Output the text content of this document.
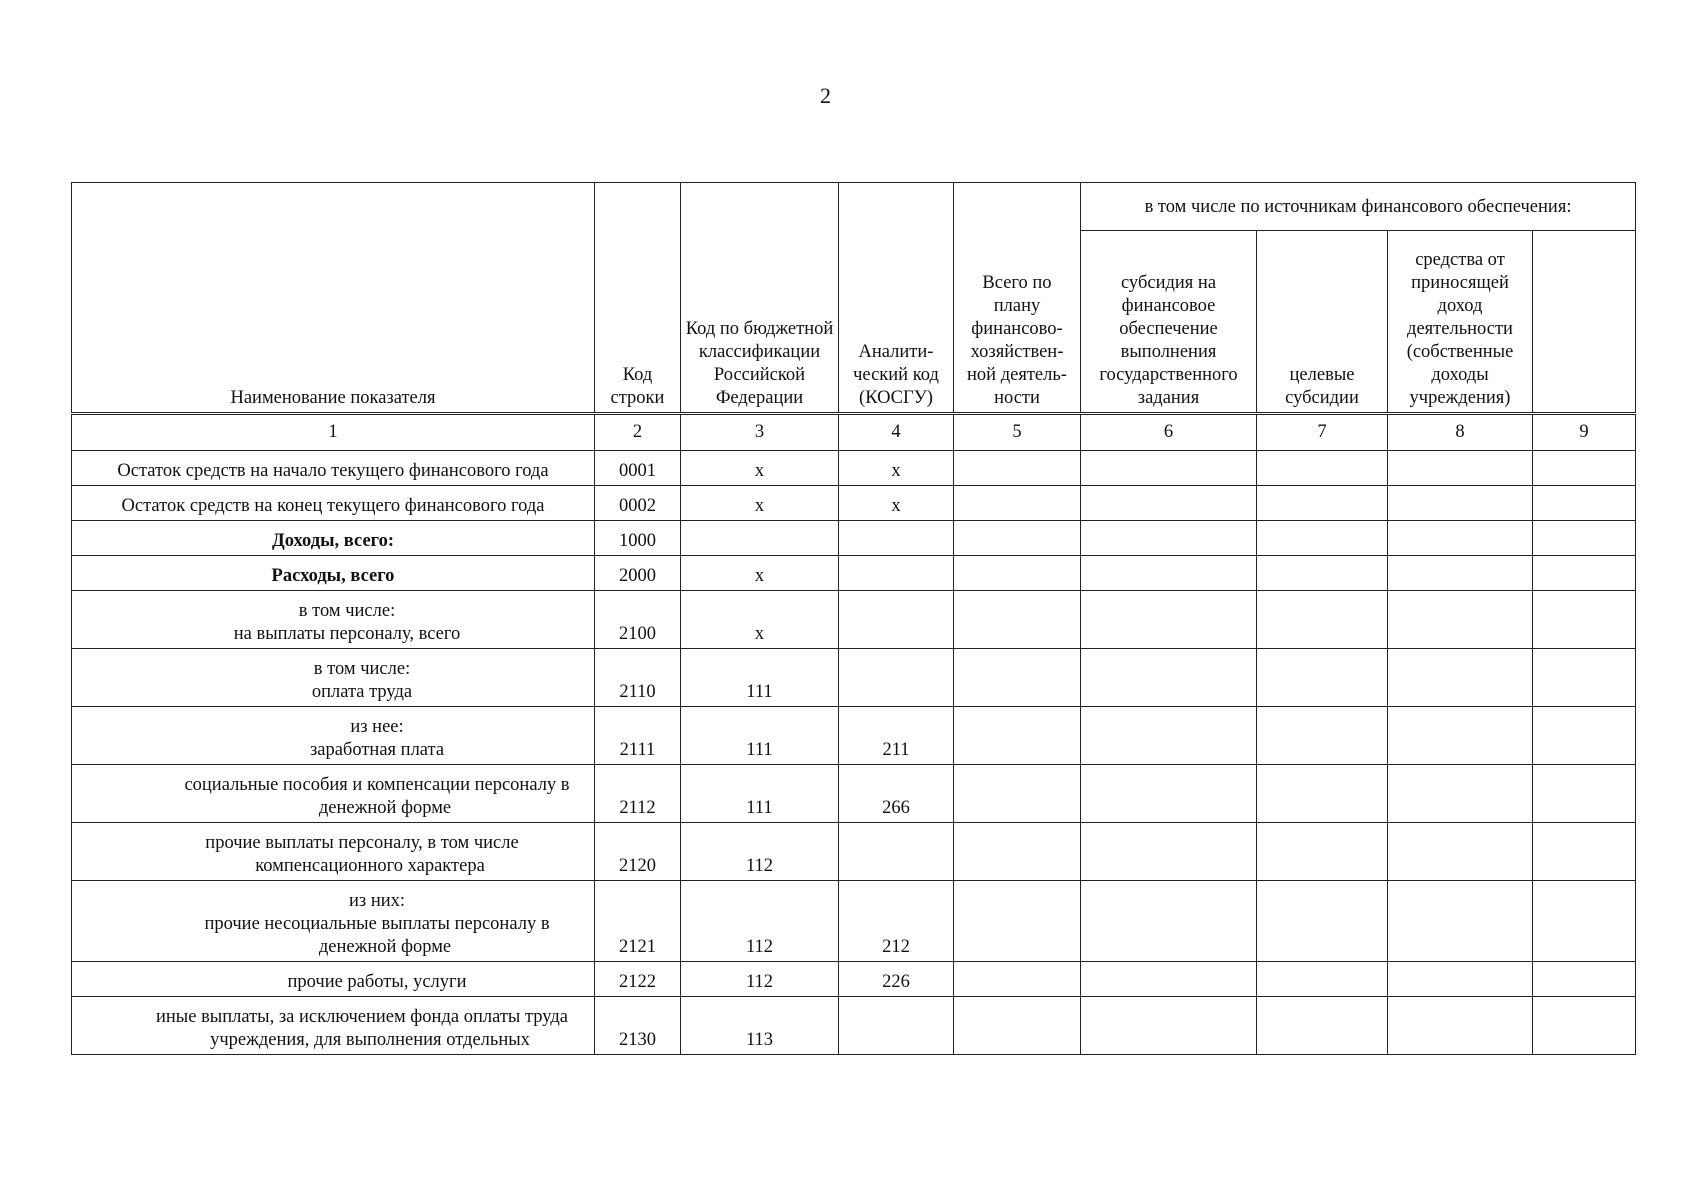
2
Наименование показателя	Код строки	Код по бюджетной классификации Российской Федерации	Аналити-ческий код (КОСГУ)	Всего по плану финансово-хозяйствен-ной деятель-ности	в том числе по источникам финансового обеспечения:			
					субсидия на финансовое обеспечение выполнения государственного задания	целевые субсидии	средства от приносящей доход деятельности (собственные доходы учреждения)	
1	2	3	4	5	6	7	8	9

Остаток средств на начало текущего финансового года	0001	x	x					

Остаток средств на конец текущего финансового года	0002	x	x					

Доходы, всего:	1000							

Расходы, всего	2000	x						

в том числе:
на выплаты персоналу, всего	2100	x						

в том числе:
оплата труда	2110	111						

из нее:
заработная плата	2111	111	211					

социальные пособия и компенсации персоналу в денежной форме	2112	111	266					

прочие выплаты персоналу, в том числе компенсационного характера	2120	112						

из них:
прочие несоциальные выплаты персоналу в денежной форме	2121	112	212					

прочие работы, услуги	2122	112	226					

иные выплаты, за исключением фонда оплаты труда учреждения, для выполнения отдельных	2130	113						
